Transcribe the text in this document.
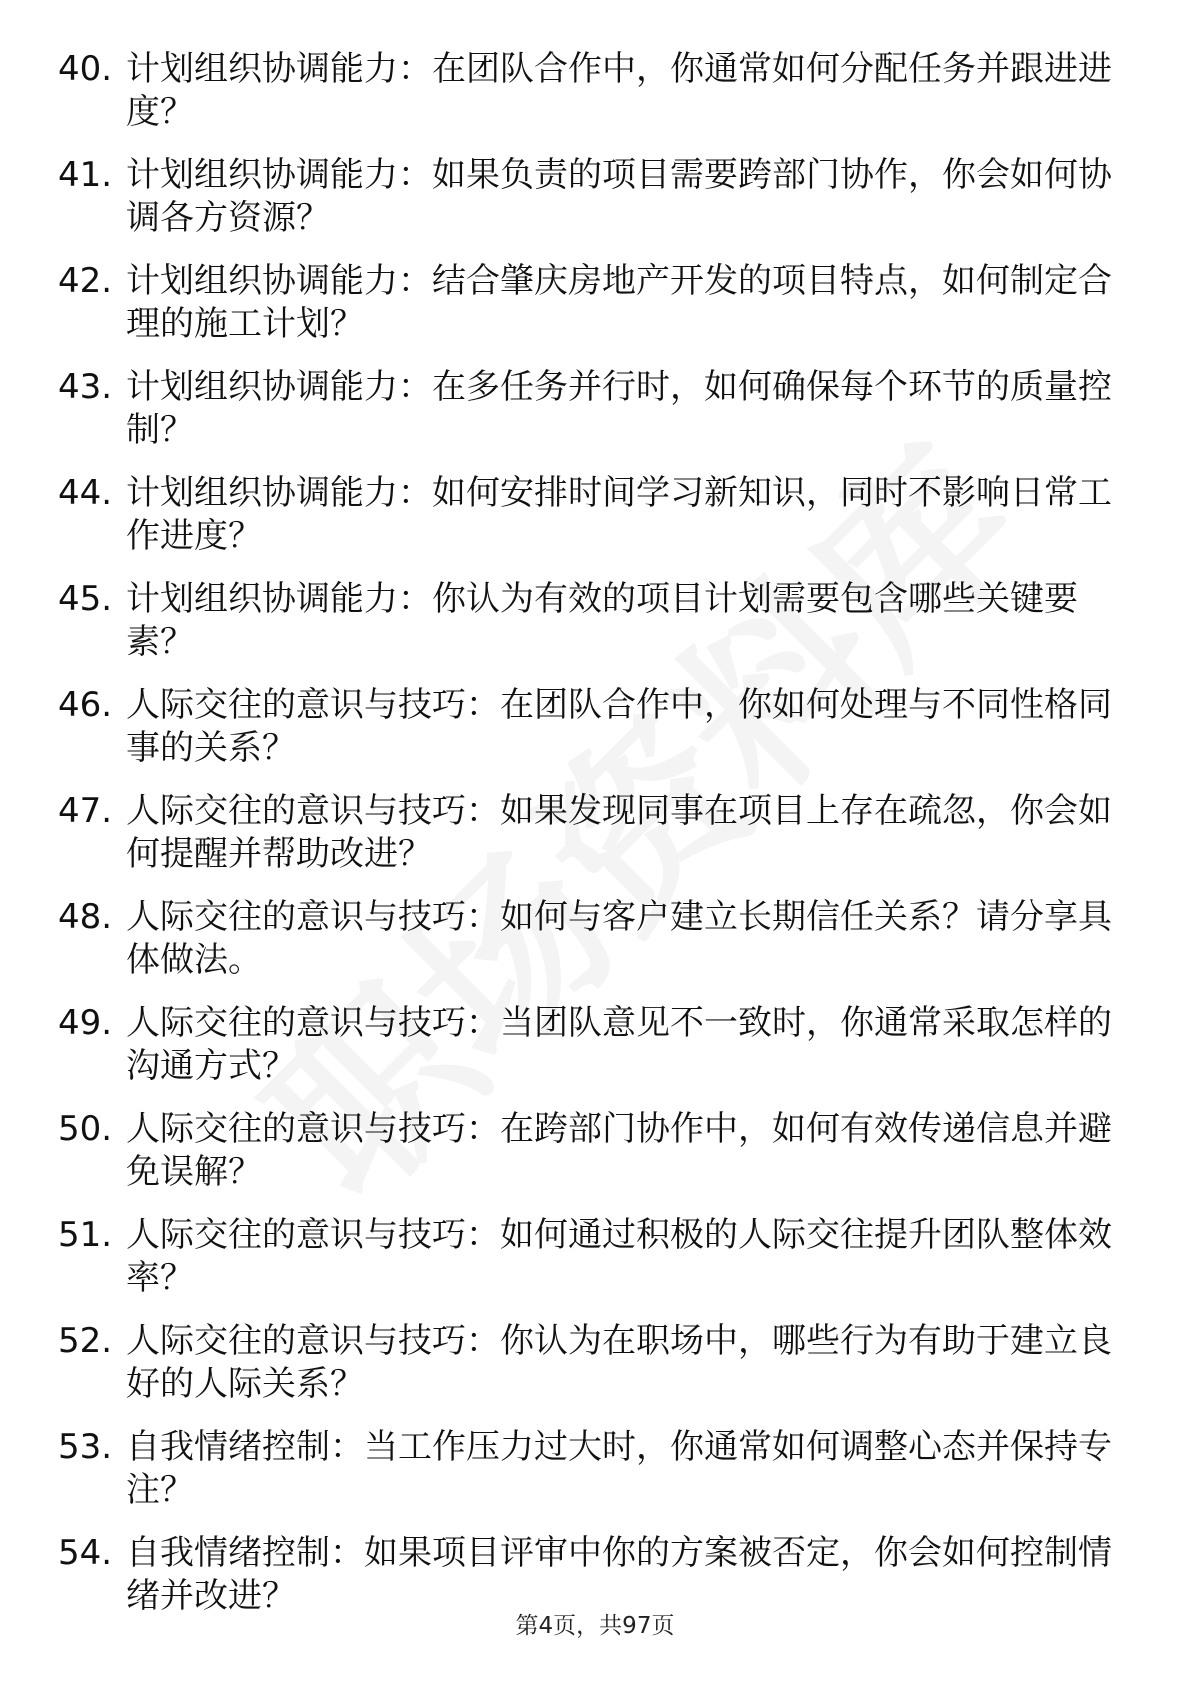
40. 计划组织协调能力：在团队合作中，你通常如何分配任务并跟进进度？
41. 计划组织协调能力：如果负责的项目需要跨部门协作，你会如何协调各方资源？
42. 计划组织协调能力：结合肇庆房地产开发的项目特点，如何制定合理的施工计划？
43. 计划组织协调能力：在多任务并行时，如何确保每个环节的质量控制？
44. 计划组织协调能力：如何安排时间学习新知识，同时不影响日常工作进度？
45. 计划组织协调能力：你认为有效的项目计划需要包含哪些关键要素？
46. 人际交往的意识与技巧：在团队合作中，你如何处理与不同性格同事的关系？
47. 人际交往的意识与技巧：如果发现同事在项目上存在疏忽，你会如何提醒并帮助改进？
48. 人际交往的意识与技巧：如何与客户建立长期信任关系？请分享具体做法。
49. 人际交往的意识与技巧：当团队意见不一致时，你通常采取怎样的沟通方式？
50. 人际交往的意识与技巧：在跨部门协作中，如何有效传递信息并避免误解？
51. 人际交往的意识与技巧：如何通过积极的人际交往提升团队整体效率？
52. 人际交往的意识与技巧：你认为在职场中，哪些行为有助于建立良好的人际关系？
53. 自我情绪控制：当工作压力过大时，你通常如何调整心态并保持专注？
54. 自我情绪控制：如果项目评审中你的方案被否定，你会如何控制情绪并改进？
第4页，共97页
